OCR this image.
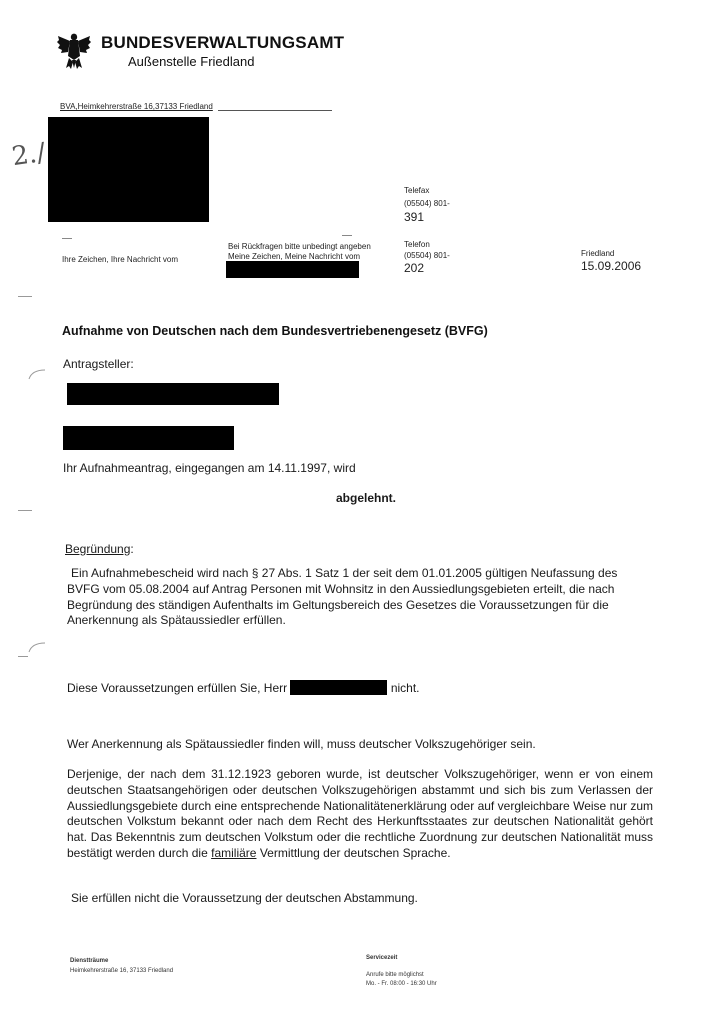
BUNDESVERWALTUNGSAMT
Außenstelle Friedland
BVA,Heimkehrerstraße 16,37133 Friedland
2./
Telefax
(05504) 801-
391
Ihre Zeichen, Ihre Nachricht vom
Bei Rückfragen bitte unbedingt angeben
Meine Zeichen, Meine Nachricht vom
Telefon
(05504) 801-
202
Friedland
15.09.2006
Aufnahme von Deutschen nach dem Bundesvertriebenengesetz (BVFG)
Antragsteller:
Ihr Aufnahmeantrag, eingegangen am 14.11.1997, wird
abgelehnt.
Begründung:
Ein Aufnahmebescheid wird nach § 27 Abs. 1 Satz 1 der seit dem 01.01.2005 gültigen Neufassung des BVFG vom 05.08.2004 auf Antrag Personen mit Wohnsitz in den Aussiedlungsgebieten erteilt, die nach Begründung des ständigen Aufenthalts im Geltungsbereich des Gesetzes die Voraussetzungen für die Anerkennung als Spätaussiedler erfüllen.
Diese Voraussetzungen erfüllen Sie, Herr	nicht.
Wer Anerkennung als Spätaussiedler finden will, muss deutscher Volkszugehöriger sein.
Derjenige, der nach dem 31.12.1923 geboren wurde, ist deutscher Volkszugehöriger, wenn er von einem deutschen Staatsangehörigen oder deutschen Volkszugehörigen abstammt und sich bis zum Verlassen der Aussiedlungsgebiete durch eine entsprechende Nationalitätenerklärung oder auf vergleichbare Weise nur zum deutschen Volkstum bekannt oder nach dem Recht des Herkunftsstaates zur deutschen Nationalität gehört hat. Das Bekenntnis zum deutschen Volkstum oder die rechtliche Zuordnung zur deutschen Nationalität muss bestätigt werden durch die familiäre Vermittlung der deutschen Sprache.
Sie erfüllen nicht die Voraussetzung der deutschen Abstammung.
Dienstträume
Heimkehrerstraße 16, 37133 Friedland
Servicezeit
Anrufe bitte möglichst
Mo. - Fr. 08:00 - 16:30 Uhr
